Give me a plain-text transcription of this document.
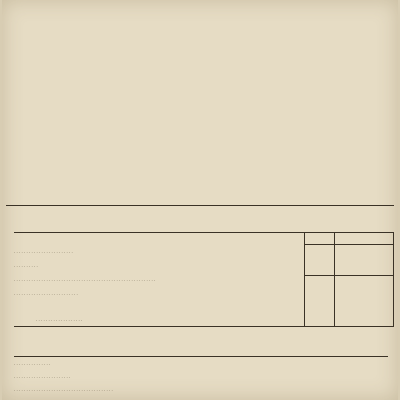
. . . . . . . . . . . . . . . . . . . . . . . .
. . . . . . . . . .
. . . . . . . . . . . . . . . . . . . . . . . . . . . . . . . . . . . . . . . . . . . . . . . . . . . . . . . . .
. . . . . . . . . . . . . . . . . . . . . . . . . .
. . . . . . . . . . . . . . . . . . .
. . . . . . . . . . . . . . .
. . . . . . . . . . . . . . . . . . . . . . .
. . . . . . . . . . . . . . . . . . . . . . . . . . . . . . . . . . . . . . . .
